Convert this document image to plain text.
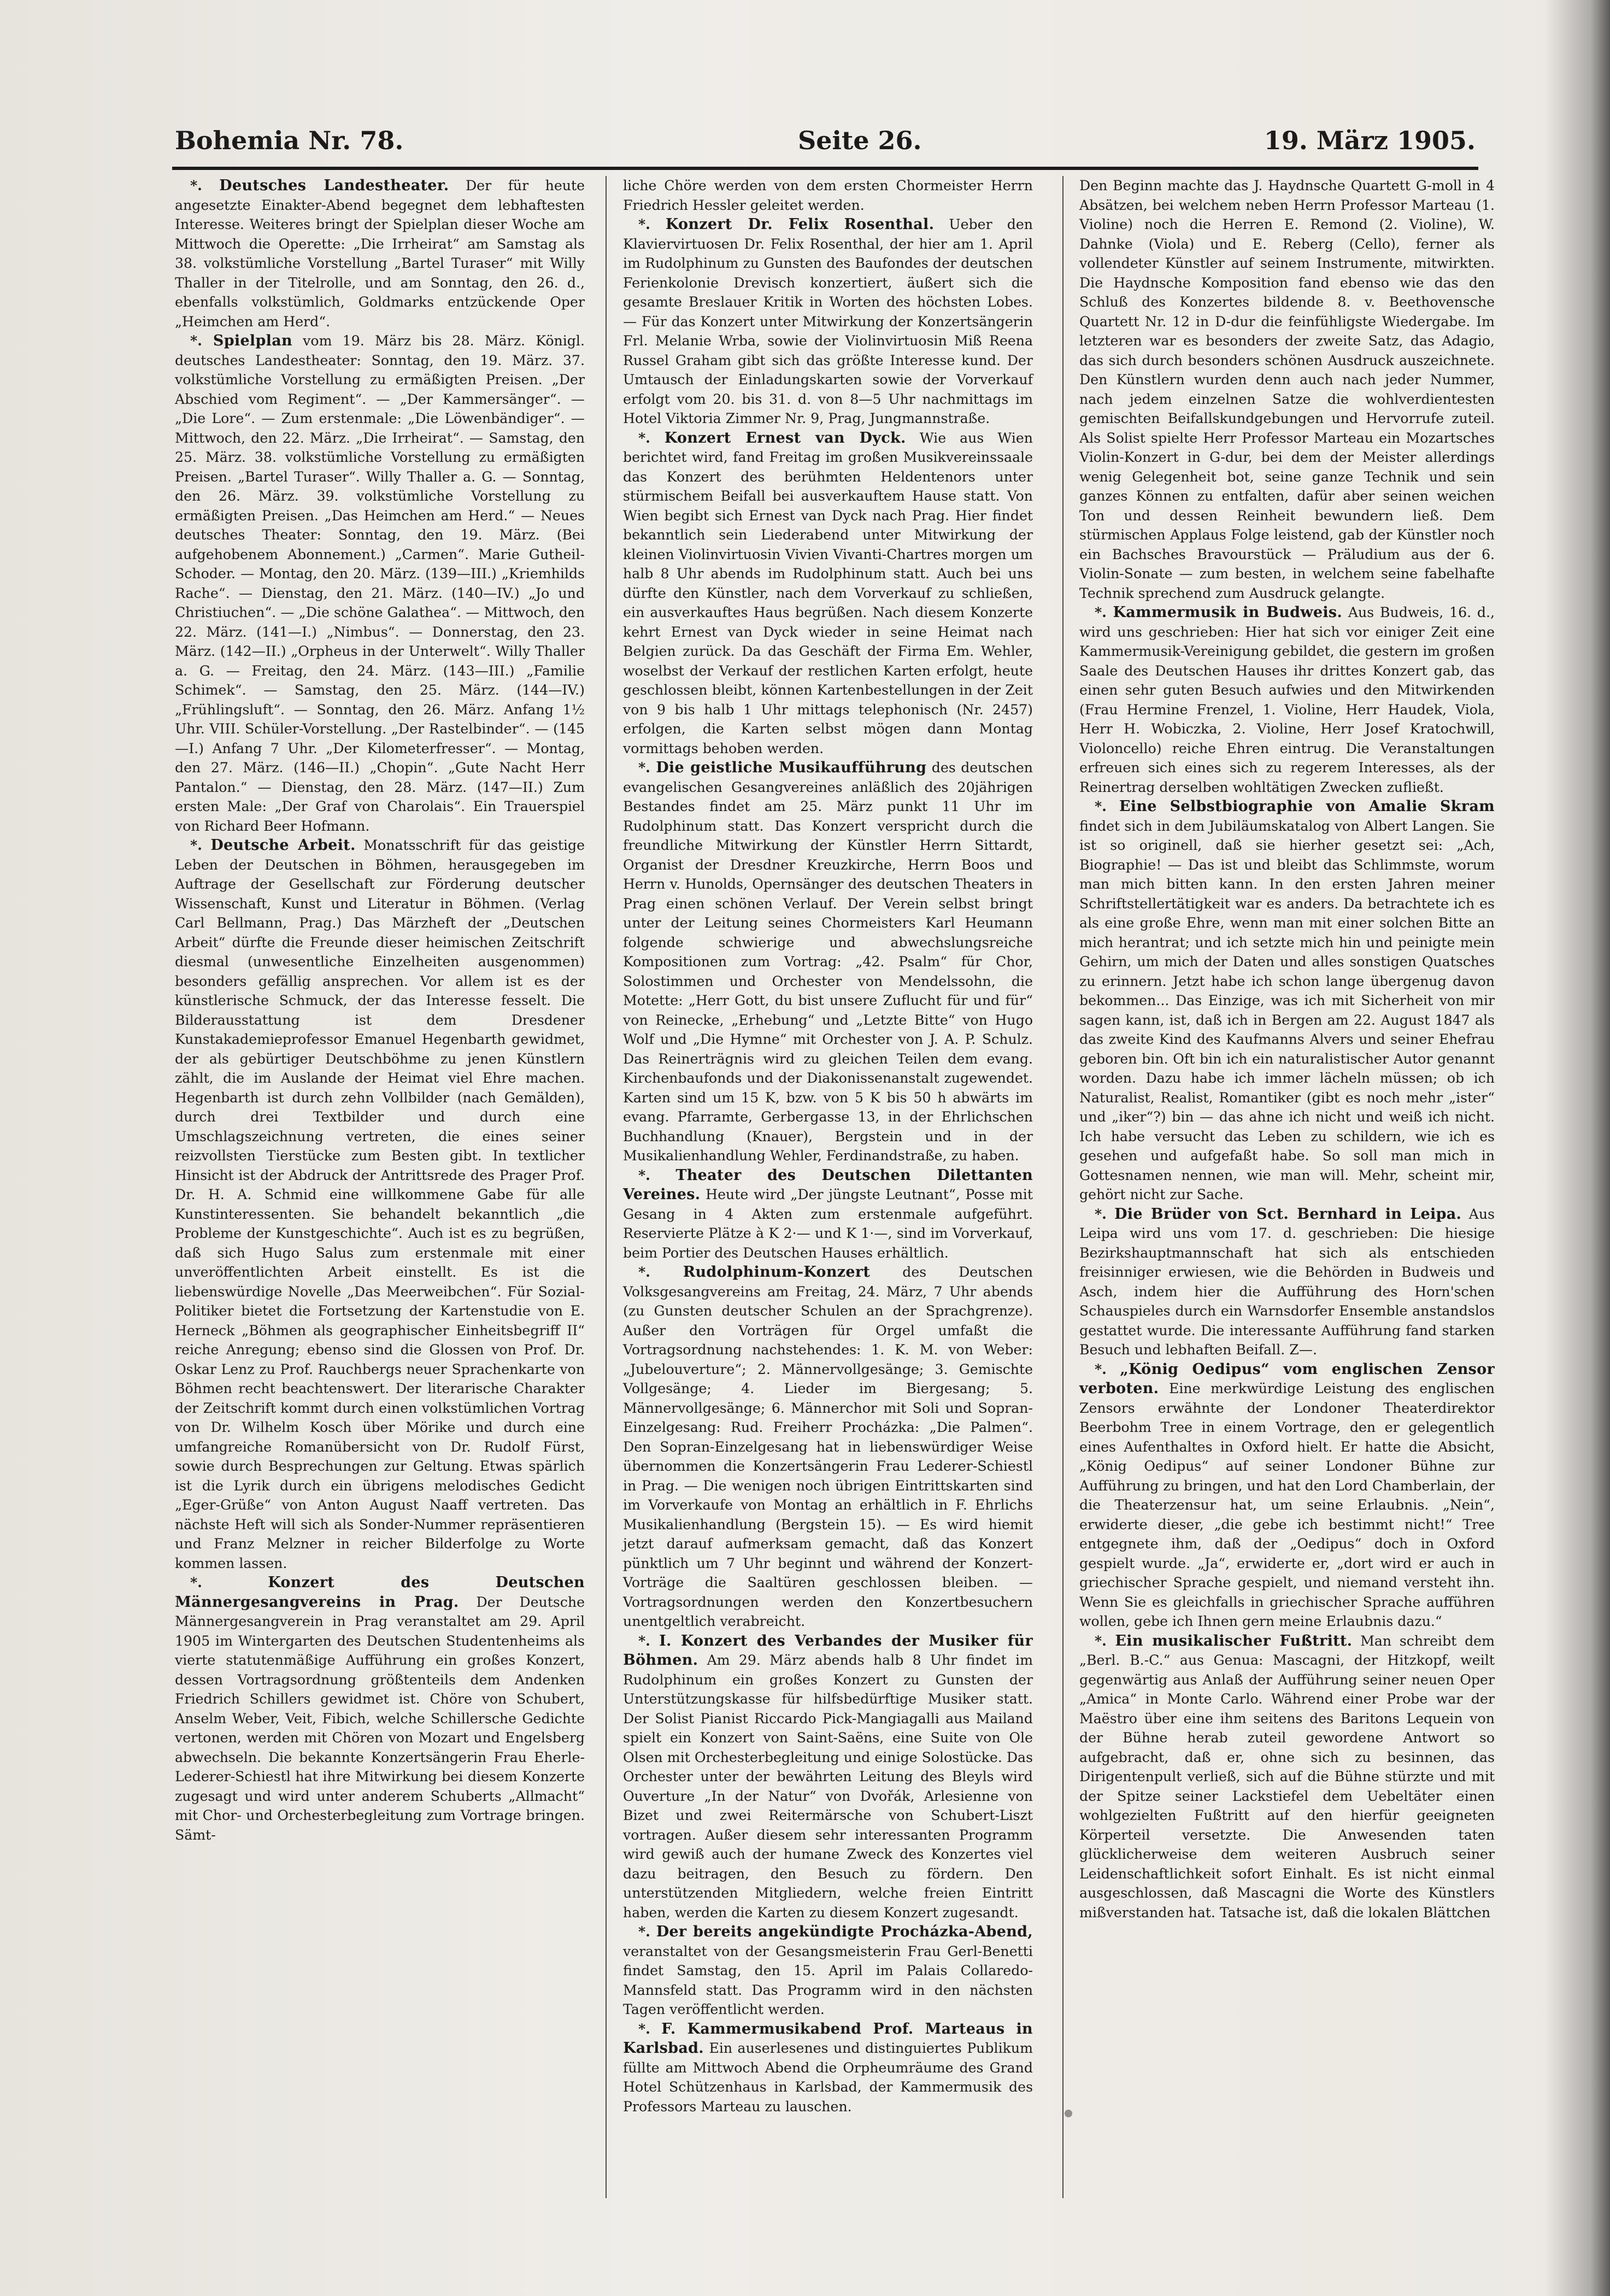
Bohemia Nr. 78.	Seite 26.	19. März 1905.

*. Deutsches Landestheater. Der für heute angesetzte Einakter-Abend begegnet dem lebhaftesten Interesse. Weiteres bringt der Spielplan dieser Woche am Mittwoch die Operette: „Die Irrheirat“ am Samstag als 38. volkstümliche Vorstellung „Bartel Turaser“ mit Willy Thaller in der Titelrolle, und am Sonntag, den 26. d., ebenfalls volkstümlich, Goldmarks entzückende Oper „Heimchen am Herd“.

*. Spielplan vom 19. März bis 28. März. Königl. deutsches Landestheater: Sonntag, den 19. März. 37. volkstümliche Vorstellung zu ermäßigten Preisen. „Der Abschied vom Regiment“. — „Der Kammersänger“. — „Die Lore“. — Zum erstenmale: „Die Löwenbändiger“. — Mittwoch, den 22. März. „Die Irrheirat“. — Samstag, den 25. März. 38. volkstümliche Vorstellung zu ermäßigten Preisen. „Bartel Turaser“. Willy Thaller a. G. — Sonntag, den 26. März. 39. volkstümliche Vorstellung zu ermäßigten Preisen. „Das Heimchen am Herd.“ — Neues deutsches Theater: Sonntag, den 19. März. (Bei aufgehobenem Abonnement.) „Carmen“. Marie Gutheil-Schoder. — Montag, den 20. März. (139—III.) „Kriemhilds Rache“. — Dienstag, den 21. März. (140—IV.) „Jo und Christiuchen“. — „Die schöne Galathea“. — Mittwoch, den 22. März. (141—I.) „Nimbus“. — Donnerstag, den 23. März. (142—II.) „Orpheus in der Unterwelt“. Willy Thaller a. G. — Freitag, den 24. März. (143—III.) „Familie Schimek“. — Samstag, den 25. März. (144—IV.) „Frühlingsluft“. — Sonntag, den 26. März. Anfang 1½ Uhr. VIII. Schüler-Vorstellung. „Der Rastelbinder“. — (145—I.) Anfang 7 Uhr. „Der Kilometerfresser“. — Montag, den 27. März. (146—II.) „Chopin“. „Gute Nacht Herr Pantalon.“ — Dienstag, den 28. März. (147—II.) Zum ersten Male: „Der Graf von Charolais“. Ein Trauerspiel von Richard Beer Hofmann.

*. Deutsche Arbeit. Monatsschrift für das geistige Leben der Deutschen in Böhmen, herausgegeben im Auftrage der Gesellschaft zur Förderung deutscher Wissenschaft, Kunst und Literatur in Böhmen. (Verlag Carl Bellmann, Prag.) Das Märzheft der „Deutschen Arbeit“ dürfte die Freunde dieser heimischen Zeitschrift diesmal (unwesentliche Einzelheiten ausgenommen) besonders gefällig ansprechen. Vor allem ist es der künstlerische Schmuck, der das Interesse fesselt. Die Bilderausstattung ist dem Dresdener Kunstakademieprofessor Emanuel Hegenbarth gewidmet, der als gebürtiger Deutschböhme zu jenen Künstlern zählt, die im Auslande der Heimat viel Ehre machen. Hegenbarth ist durch zehn Vollbilder (nach Gemälden), durch drei Textbilder und durch eine Umschlagszeichnung vertreten, die eines seiner reizvollsten Tierstücke zum Besten gibt. In textlicher Hinsicht ist der Abdruck der Antrittsrede des Prager Prof. Dr. H. A. Schmid eine willkommene Gabe für alle Kunstinteressenten. Sie behandelt bekanntlich „die Probleme der Kunstgeschichte“. Auch ist es zu begrüßen, daß sich Hugo Salus zum erstenmale mit einer unveröffentlichten Arbeit einstellt. Es ist die liebenswürdige Novelle „Das Meerweibchen“. Für Sozial-Politiker bietet die Fortsetzung der Kartenstudie von E. Herneck „Böhmen als geographischer Einheitsbegriff II“ reiche Anregung; ebenso sind die Glossen von Prof. Dr. Oskar Lenz zu Prof. Rauchbergs neuer Sprachenkarte von Böhmen recht beachtenswert. Der literarische Charakter der Zeitschrift kommt durch einen volkstümlichen Vortrag von Dr. Wilhelm Kosch über Mörike und durch eine umfangreiche Romanübersicht von Dr. Rudolf Fürst, sowie durch Besprechungen zur Geltung. Etwas spärlich ist die Lyrik durch ein übrigens melodisches Gedicht „Eger-Grüße“ von Anton August Naaff vertreten. Das nächste Heft will sich als Sonder-Nummer repräsentieren und Franz Melzner in reicher Bilderfolge zu Worte kommen lassen.

*. Konzert des Deutschen Männergesangvereins in Prag. Der Deutsche Männergesangverein in Prag veranstaltet am 29. April 1905 im Wintergarten des Deutschen Studentenheims als vierte statutenmäßige Aufführung ein großes Konzert, dessen Vortragsordnung größtenteils dem Andenken Friedrich Schillers gewidmet ist. Chöre von Schubert, Anselm Weber, Veit, Fibich, welche Schillersche Gedichte vertonen, werden mit Chören von Mozart und Engelsberg abwechseln. Die bekannte Konzertsängerin Frau Eherle-Lederer-Schiestl hat ihre Mitwirkung bei diesem Konzerte zugesagt und wird unter anderem Schuberts „Allmacht“ mit Chor- und Orchesterbegleitung zum Vortrage bringen. Sämt-

liche Chöre werden von dem ersten Chormeister Herrn Friedrich Hessler geleitet werden.

*. Konzert Dr. Felix Rosenthal. Ueber den Klaviervirtuosen Dr. Felix Rosenthal, der hier am 1. April im Rudolphinum zu Gunsten des Baufondes der deutschen Ferienkolonie Drevisch konzertiert, äußert sich die gesamte Breslauer Kritik in Worten des höchsten Lobes. — Für das Konzert unter Mitwirkung der Konzertsängerin Frl. Melanie Wrba, sowie der Violinvirtuosin Miß Reena Russel Graham gibt sich das größte Interesse kund. Der Umtausch der Einladungskarten sowie der Vorverkauf erfolgt vom 20. bis 31. d. von 8—5 Uhr nachmittags im Hotel Viktoria Zimmer Nr. 9, Prag, Jungmannstraße.

*. Konzert Ernest van Dyck. Wie aus Wien berichtet wird, fand Freitag im großen Musikvereinssaale das Konzert des berühmten Heldentenors unter stürmischem Beifall bei ausverkauftem Hause statt. Von Wien begibt sich Ernest van Dyck nach Prag. Hier findet bekanntlich sein Liederabend unter Mitwirkung der kleinen Violinvirtuosin Vivien Vivanti-Chartres morgen um halb 8 Uhr abends im Rudolphinum statt. Auch bei uns dürfte den Künstler, nach dem Vorverkauf zu schließen, ein ausverkauftes Haus begrüßen. Nach diesem Konzerte kehrt Ernest van Dyck wieder in seine Heimat nach Belgien zurück. Da das Geschäft der Firma Em. Wehler, woselbst der Verkauf der restlichen Karten erfolgt, heute geschlossen bleibt, können Kartenbestellungen in der Zeit von 9 bis halb 1 Uhr mittags telephonisch (Nr. 2457) erfolgen, die Karten selbst mögen dann Montag vormittags behoben werden.

*. Die geistliche Musikaufführung des deutschen evangelischen Gesangvereines anläßlich des 20jährigen Bestandes findet am 25. März punkt 11 Uhr im Rudolphinum statt. Das Konzert verspricht durch die freundliche Mitwirkung der Künstler Herrn Sittardt, Organist der Dresdner Kreuzkirche, Herrn Boos und Herrn v. Hunolds, Opernsänger des deutschen Theaters in Prag einen schönen Verlauf. Der Verein selbst bringt unter der Leitung seines Chormeisters Karl Heumann folgende schwierige und abwechslungsreiche Kompositionen zum Vortrag: „42. Psalm“ für Chor, Solostimmen und Orchester von Mendelssohn, die Motette: „Herr Gott, du bist unsere Zuflucht für und für“ von Reinecke, „Erhebung“ und „Letzte Bitte“ von Hugo Wolf und „Die Hymne“ mit Orchester von J. A. P. Schulz. Das Reinerträgnis wird zu gleichen Teilen dem evang. Kirchenbaufonds und der Diakonissenanstalt zugewendet. Karten sind um 15 K, bzw. von 5 K bis 50 h abwärts im evang. Pfarramte, Gerbergasse 13, in der Ehrlichschen Buchhandlung (Knauer), Bergstein und in der Musikalienhandlung Wehler, Ferdinandstraße, zu haben.

*. Theater des Deutschen Dilettanten Vereines. Heute wird „Der jüngste Leutnant“, Posse mit Gesang in 4 Akten zum erstenmale aufgeführt. Reservierte Plätze à K 2·— und K 1·—, sind im Vorverkauf, beim Portier des Deutschen Hauses erhältlich.

*. Rudolphinum-Konzert des Deutschen Volksgesangvereins am Freitag, 24. März, 7 Uhr abends (zu Gunsten deutscher Schulen an der Sprachgrenze). Außer den Vorträgen für Orgel umfaßt die Vortragsordnung nachstehendes: 1. K. M. von Weber: „Jubelouverture“; 2. Männervollgesänge; 3. Gemischte Vollgesänge; 4. Lieder im Biergesang; 5. Männervollgesänge; 6. Männerchor mit Soli und Sopran-Einzelgesang: Rud. Freiherr Procházka: „Die Palmen“. Den Sopran-Einzelgesang hat in liebenswürdiger Weise übernommen die Konzertsängerin Frau Lederer-Schiestl in Prag. — Die wenigen noch übrigen Eintrittskarten sind im Vorverkaufe von Montag an erhältlich in F. Ehrlichs Musikalienhandlung (Bergstein 15). — Es wird hiemit jetzt darauf aufmerksam gemacht, daß das Konzert pünktlich um 7 Uhr beginnt und während der Konzert-Vorträge die Saaltüren geschlossen bleiben. — Vortragsordnungen werden den Konzertbesuchern unentgeltlich verabreicht.

*. I. Konzert des Verbandes der Musiker für Böhmen. Am 29. März abends halb 8 Uhr findet im Rudolphinum ein großes Konzert zu Gunsten der Unterstützungskasse für hilfsbedürftige Musiker statt. Der Solist Pianist Riccardo Pick-Mangiagalli aus Mailand spielt ein Konzert von Saint-Saëns, eine Suite von Ole Olsen mit Orchesterbegleitung und einige Solostücke. Das Orchester unter der bewährten Leitung des Bleyls wird Ouverture „In der Natur“ von Dvořák, Arlesienne von Bizet und zwei Reitermärsche von Schubert-Liszt vortragen. Außer diesem sehr interessanten Programm wird gewiß auch der humane Zweck des Konzertes viel dazu beitragen, den Besuch zu fördern. Den unterstützenden Mitgliedern, welche freien Eintritt haben, werden die Karten zu diesem Konzert zugesandt.

*. Der bereits angekündigte Procházka-Abend, veranstaltet von der Gesangsmeisterin Frau Gerl-Benetti findet Samstag, den 15. April im Palais Collaredo-Mannsfeld statt. Das Programm wird in den nächsten Tagen veröffentlicht werden.

*. F. Kammermusikabend Prof. Marteaus in Karlsbad. Ein auserlesenes und distinguiertes Publikum füllte am Mittwoch Abend die Orpheumräume des Grand Hotel Schützenhaus in Karlsbad, der Kammermusik des Professors Marteau zu lauschen.

Den Beginn machte das J. Haydnsche Quartett G-moll in 4 Absätzen, bei welchem neben Herrn Professor Marteau (1. Violine) noch die Herren E. Remond (2. Violine), W. Dahnke (Viola) und E. Reberg (Cello), ferner als vollendeter Künstler auf seinem Instrumente, mitwirkten. Die Haydnsche Komposition fand ebenso wie das den Schluß des Konzertes bildende 8. v. Beethovensche Quartett Nr. 12 in D-dur die feinfühligste Wiedergabe. Im letzteren war es besonders der zweite Satz, das Adagio, das sich durch besonders schönen Ausdruck auszeichnete. Den Künstlern wurden denn auch nach jeder Nummer, nach jedem einzelnen Satze die wohlverdientesten gemischten Beifallskundgebungen und Hervorrufe zuteil. Als Solist spielte Herr Professor Marteau ein Mozartsches Violin-Konzert in G-dur, bei dem der Meister allerdings wenig Gelegenheit bot, seine ganze Technik und sein ganzes Können zu entfalten, dafür aber seinen weichen Ton und dessen Reinheit bewundern ließ. Dem stürmischen Applaus Folge leistend, gab der Künstler noch ein Bachsches Bravourstück — Präludium aus der 6. Violin-Sonate — zum besten, in welchem seine fabelhafte Technik sprechend zum Ausdruck gelangte.

*. Kammermusik in Budweis. Aus Budweis, 16. d., wird uns geschrieben: Hier hat sich vor einiger Zeit eine Kammermusik-Vereinigung gebildet, die gestern im großen Saale des Deutschen Hauses ihr drittes Konzert gab, das einen sehr guten Besuch aufwies und den Mitwirkenden (Frau Hermine Frenzel, 1. Violine, Herr Haudek, Viola, Herr H. Wobiczka, 2. Violine, Herr Josef Kratochwill, Violoncello) reiche Ehren eintrug. Die Veranstaltungen erfreuen sich eines sich zu regerem Interesses, als der Reinertrag derselben wohltätigen Zwecken zufließt.

*. Eine Selbstbiographie von Amalie Skram findet sich in dem Jubiläumskatalog von Albert Langen. Sie ist so originell, daß sie hierher gesetzt sei: „Ach, Biographie! — Das ist und bleibt das Schlimmste, worum man mich bitten kann. In den ersten Jahren meiner Schriftstellertätigkeit war es anders. Da betrachtete ich es als eine große Ehre, wenn man mit einer solchen Bitte an mich herantrat; und ich setzte mich hin und peinigte mein Gehirn, um mich der Daten und alles sonstigen Quatsches zu erinnern. Jetzt habe ich schon lange übergenug davon bekommen... Das Einzige, was ich mit Sicherheit von mir sagen kann, ist, daß ich in Bergen am 22. August 1847 als das zweite Kind des Kaufmanns Alvers und seiner Ehefrau geboren bin. Oft bin ich ein naturalistischer Autor genannt worden. Dazu habe ich immer lächeln müssen; ob ich Naturalist, Realist, Romantiker (gibt es noch mehr „ister“ und „iker“?) bin — das ahne ich nicht und weiß ich nicht. Ich habe versucht das Leben zu schildern, wie ich es gesehen und aufgefaßt habe. So soll man mich in Gottesnamen nennen, wie man will. Mehr, scheint mir, gehört nicht zur Sache.

*. Die Brüder von Sct. Bernhard in Leipa. Aus Leipa wird uns vom 17. d. geschrieben: Die hiesige Bezirkshauptmannschaft hat sich als entschieden freisinniger erwiesen, wie die Behörden in Budweis und Asch, indem hier die Aufführung des Horn'schen Schauspieles durch ein Warnsdorfer Ensemble anstandslos gestattet wurde. Die interessante Aufführung fand starken Besuch und lebhaften Beifall. Z—.

*. „König Oedipus“ vom englischen Zensor verboten. Eine merkwürdige Leistung des englischen Zensors erwähnte der Londoner Theaterdirektor Beerbohm Tree in einem Vortrage, den er gelegentlich eines Aufenthaltes in Oxford hielt. Er hatte die Absicht, „König Oedipus“ auf seiner Londoner Bühne zur Aufführung zu bringen, und hat den Lord Chamberlain, der die Theaterzensur hat, um seine Erlaubnis. „Nein“, erwiderte dieser, „die gebe ich bestimmt nicht!“ Tree entgegnete ihm, daß der „Oedipus“ doch in Oxford gespielt wurde. „Ja“, erwiderte er, „dort wird er auch in griechischer Sprache gespielt, und niemand versteht ihn. Wenn Sie es gleichfalls in griechischer Sprache aufführen wollen, gebe ich Ihnen gern meine Erlaubnis dazu.“

*. Ein musikalischer Fußtritt. Man schreibt dem „Berl. B.-C.“ aus Genua: Mascagni, der Hitzkopf, weilt gegenwärtig aus Anlaß der Aufführung seiner neuen Oper „Amica“ in Monte Carlo. Während einer Probe war der Maëstro über eine ihm seitens des Baritons Lequein von der Bühne herab zuteil gewordene Antwort so aufgebracht, daß er, ohne sich zu besinnen, das Dirigentenpult verließ, sich auf die Bühne stürzte und mit der Spitze seiner Lackstiefel dem Uebeltäter einen wohlgezielten Fußtritt auf den hierfür geeigneten Körperteil versetzte. Die Anwesenden taten glücklicherweise dem weiteren Ausbruch seiner Leidenschaftlichkeit sofort Einhalt. Es ist nicht einmal ausgeschlossen, daß Mascagni die Worte des Künstlers mißverstanden hat. Tatsache ist, daß die lokalen Blättchen
